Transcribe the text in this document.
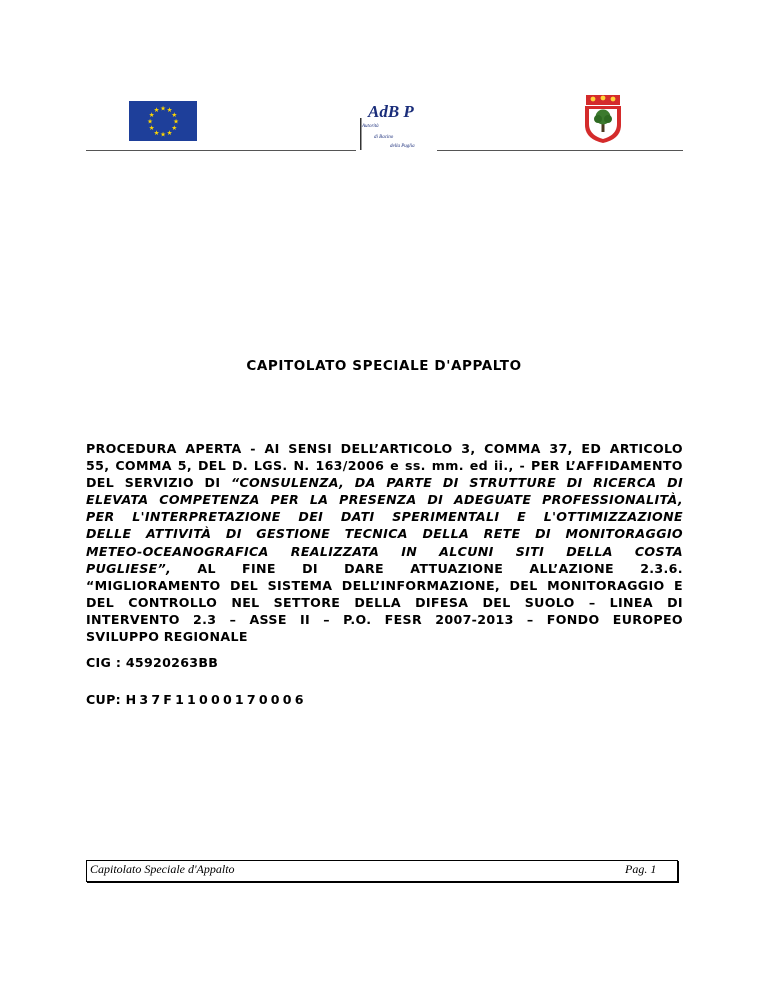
★ ★
★
★
★
★
★
★
★
★
★
★	AdB P
Autorità
di Bacino
della Puglia
CAPITOLATO SPECIALE D'APPALTO
PROCEDURA APERTA - AI SENSI DELL’ARTICOLO 3, COMMA 37, ED ARTICOLO
55, COMMA 5, DEL D. LGS. N. 163/2006 e ss. mm. ed ii., - PER L’AFFIDAMENTO
DEL SERVIZIO DI “CONSULENZA, DA PARTE DI STRUTTURE DI RICERCA DI
ELEVATA COMPETENZA PER LA PRESENZA DI ADEGUATE PROFESSIONALITÀ,
PER L'INTERPRETAZIONE DEI DATI SPERIMENTALI E L'OTTIMIZZAZIONE
DELLE ATTIVITÀ DI GESTIONE TECNICA DELLA RETE DI MONITORAGGIO
METEO-OCEANOGRAFICA REALIZZATA IN ALCUNI SITI DELLA COSTA
PUGLIESE”, AL FINE DI DARE ATTUAZIONE ALL’AZIONE 2.3.6.
“MIGLIORAMENTO DEL SISTEMA DELL’INFORMAZIONE, DEL MONITORAGGIO E
DEL CONTROLLO NEL SETTORE DELLA DIFESA DEL SUOLO – LINEA DI
INTERVENTO 2.3 – ASSE II – P.O. FESR 2007-2013 – FONDO EUROPEO
SVILUPPO REGIONALE
CIG : 45920263BB
CUP: H37F11000170006
Capitolato Speciale d'Appalto	Pag. 1
